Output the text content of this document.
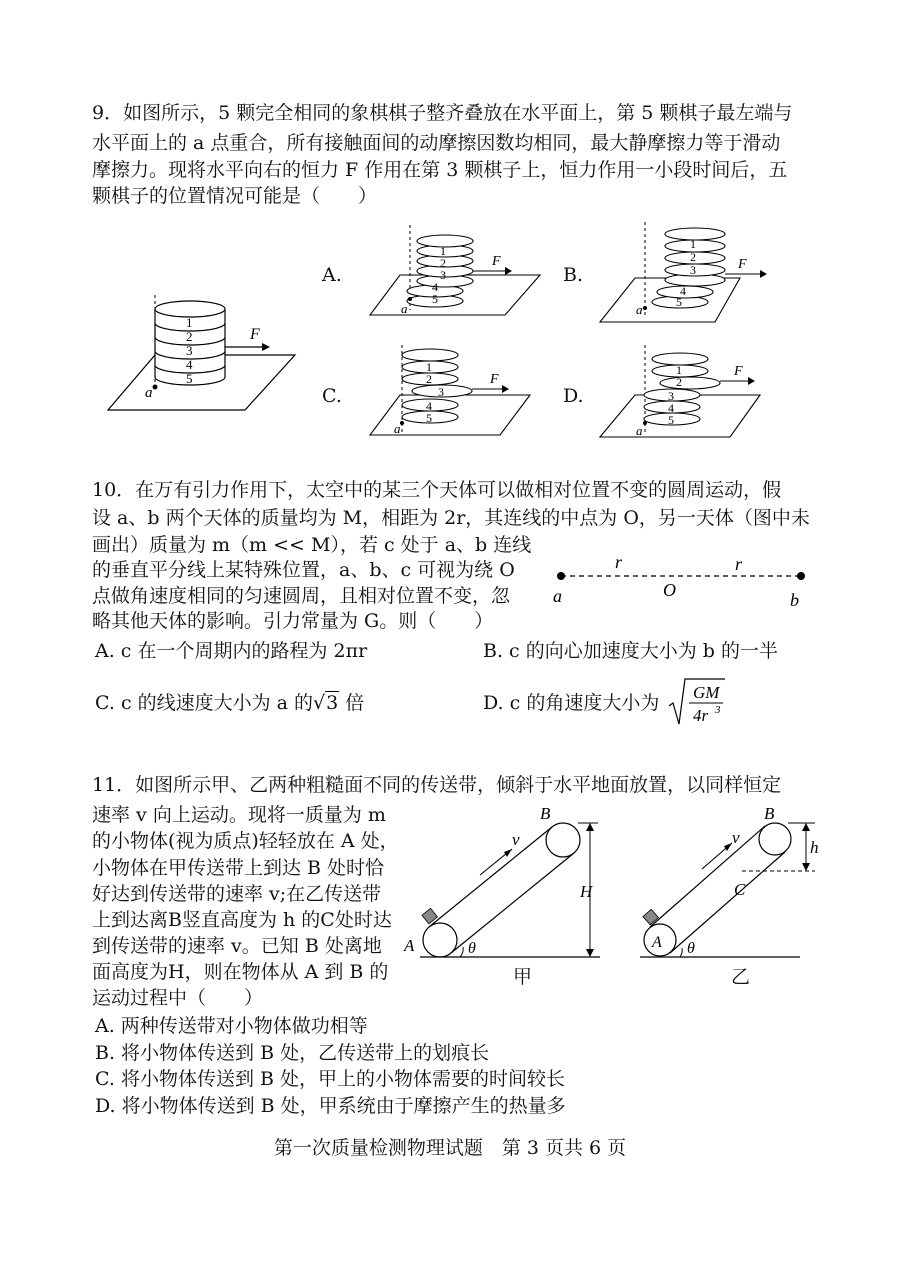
9．如图所示，5 颗完全相同的象棋棋子整齐叠放在水平面上，第 5 颗棋子最左端与
水平面上的 a 点重合，所有接触面间的动摩擦因数均相同，最大静摩擦力等于滑动
摩擦力。现将水平向右的恒力 F 作用在第 3 颗棋子上，恒力作用一小段时间后，五
颗棋子的位置情况可能是（　　）
1
2
3
4
5
F
a
A.	B.
C.	D.
1
2
3
4
5
F
a
1
2
3
4
5
F
a
1
2
3
4
5
F
a
1
2
3
4
5
F
a
10．在万有引力作用下，太空中的某三个天体可以做相对位置不变的圆周运动，假
设 a、b 两个天体的质量均为 M，相距为 2r，其连线的中点为 O，另一天体（图中未
画出）质量为 m（m << M），若 c 处于 a、b 连线
的垂直平分线上某特殊位置，a、b、c 可视为绕 O
点做角速度相同的匀速圆周，且相对位置不变，忽
略其他天体的影响。引力常量为 G。则（　　）
r	r
O
a	b
A. c 在一个周期内的路程为 2πr	B. c 的向心加速度大小为 b 的一半
C. c 的线速度大小为 a 的√3 倍	D. c 的角速度大小为 GM
4r 3
11．如图所示甲、乙两种粗糙面不同的传送带，倾斜于水平地面放置，以同样恒定
速率 v 向上运动。现将一质量为 m
的小物体(视为质点)轻轻放在 A 处，
小物体在甲传送带上到达 B 处时恰
好达到传送带的速率 v;在乙传送带
上到达离B竖直高度为 h 的C处时达
到传送带的速率 v。已知 B 处离地
面高度为H，则在物体从 A 到 B 的
运动过程中（　　）
v
B
A	θ
H
甲
v
B
C
A
h
θ
乙
A. 两种传送带对小物体做功相等
B. 将小物体传送到 B 处，乙传送带上的划痕长
C. 将小物体传送到 B 处，甲上的小物体需要的时间较长
D. 将小物体传送到 B 处，甲系统由于摩擦产生的热量多
第一次质量检测物理试题　第 3 页共 6 页
